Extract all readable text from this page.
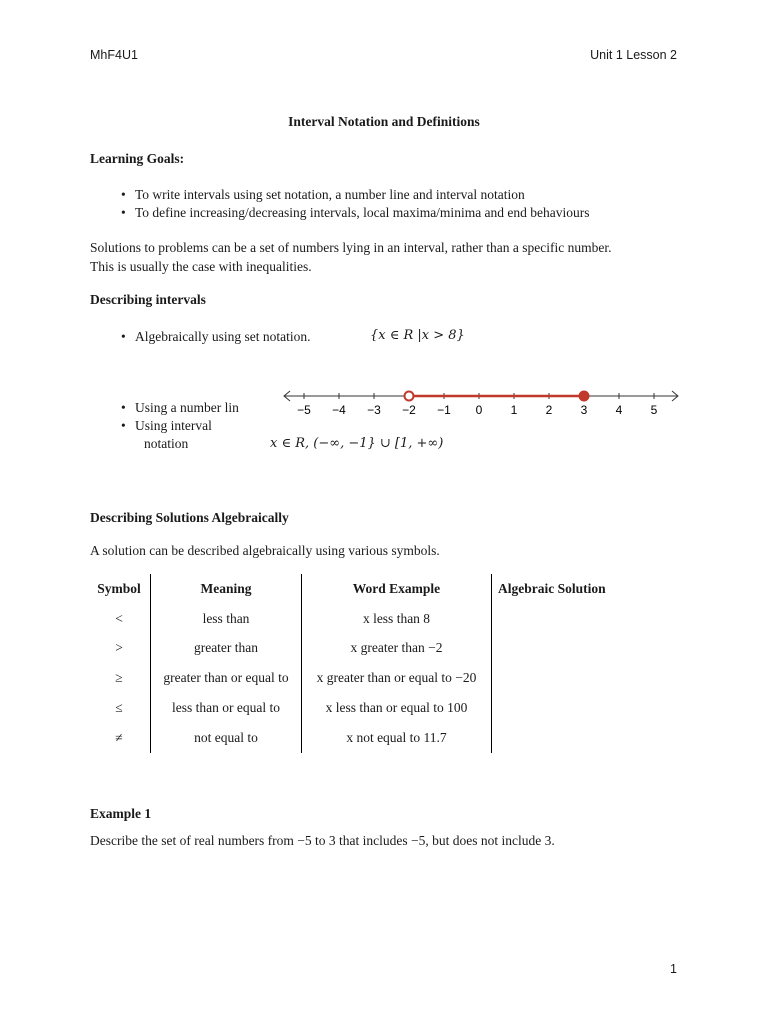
MhF4U1	Unit 1 Lesson 2
Interval Notation and Definitions
Learning Goals:
• To write intervals using set notation, a number line and interval notation
• To define increasing/decreasing intervals, local maxima/minima and end behaviours
Solutions to problems can be a set of numbers lying in an interval, rather than a specific number.
This is usually the case with inequalities.
Describing intervals
• Algebraically using set notation.	{x ∈ R |x > 8}
−5 −4 −3 −2 −1 0 1 2 3 4 5
• Using a number lin
• Using interval
notation	x ∈ R, (−∞, −1} ∪ [1, +∞)
Describing Solutions Algebraically
A solution can be described algebraically using various symbols.
Symbol	Meaning	Word Example	Algebraic Solution
<	less than	x less than 8	
>	greater than	x greater than −2	
≥	greater than or equal to	x greater than or equal to −20	
≤	less than or equal to	x less than or equal to 100	
≠	not equal to	x not equal to 11.7	
Example 1
Describe the set of real numbers from −5 to 3 that includes −5, but does not include 3.
1
